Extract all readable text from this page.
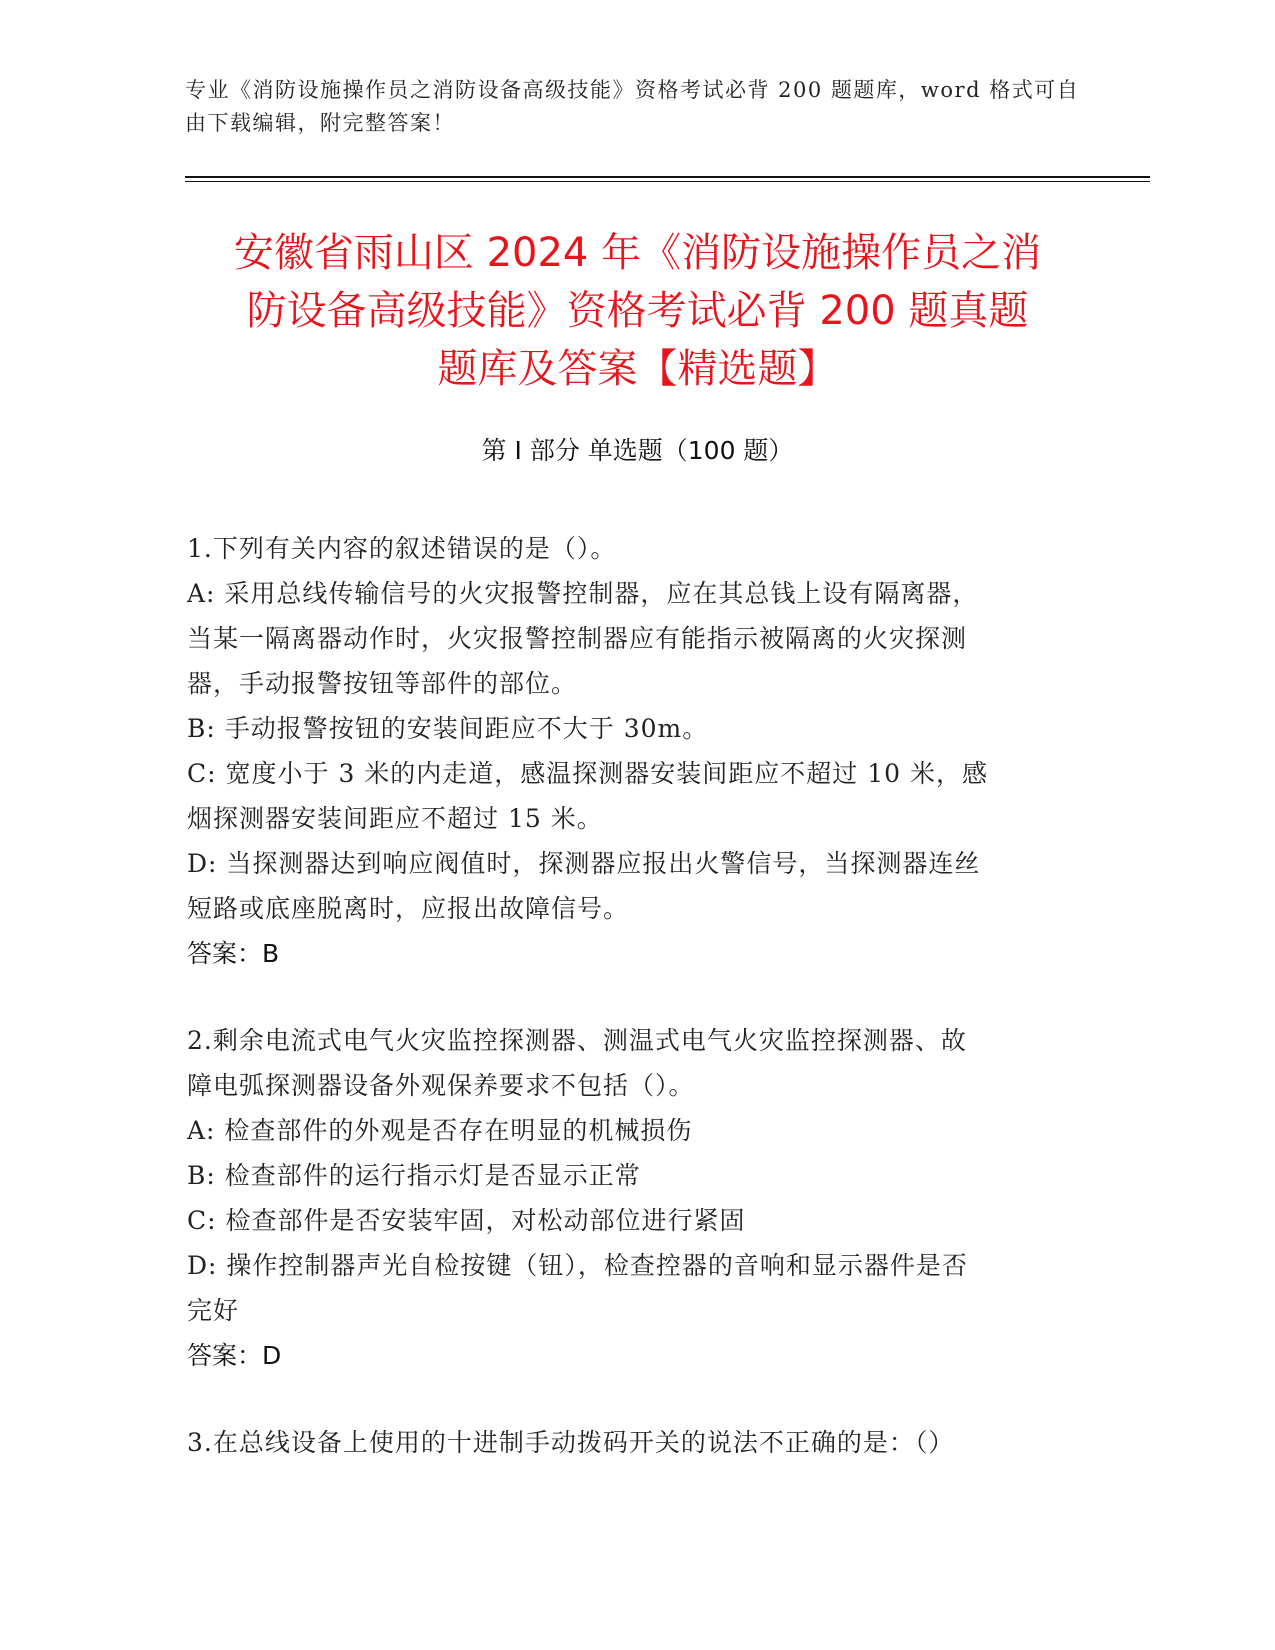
专业《消防设施操作员之消防设备高级技能》资格考试必背 200 题题库，word 格式可自由下载编辑，附完整答案！
安徽省雨山区 2024 年《消防设施操作员之消
防设备高级技能》资格考试必背 200 题真题
题库及答案【精选题】
第 I 部分 单选题（100 题）
1.下列有关内容的叙述错误的是（）。
A: 采用总线传输信号的火灾报警控制器，应在其总钱上设有隔离器，
当某一隔离器动作时，火灾报警控制器应有能指示被隔离的火灾探测
器，手动报警按钮等部件的部位。
B: 手动报警按钮的安装间距应不大于 30m。
C: 宽度小于 3 米的内走道，感温探测器安装间距应不超过 10 米，感
烟探测器安装间距应不超过 15 米。
D: 当探测器达到响应阀值时，探测器应报出火警信号，当探测器连丝
短路或底座脱离时，应报出故障信号。
答案：B
2.剩余电流式电气火灾监控探测器、测温式电气火灾监控探测器、故
障电弧探测器设备外观保养要求不包括（）。
A: 检查部件的外观是否存在明显的机械损伤
B: 检查部件的运行指示灯是否显示正常
C: 检查部件是否安装牢固，对松动部位进行紧固
D: 操作控制器声光自检按键（钮），检查控器的音响和显示器件是否
完好
答案：D
3.在总线设备上使用的十进制手动拨码开关的说法不正确的是：（）
